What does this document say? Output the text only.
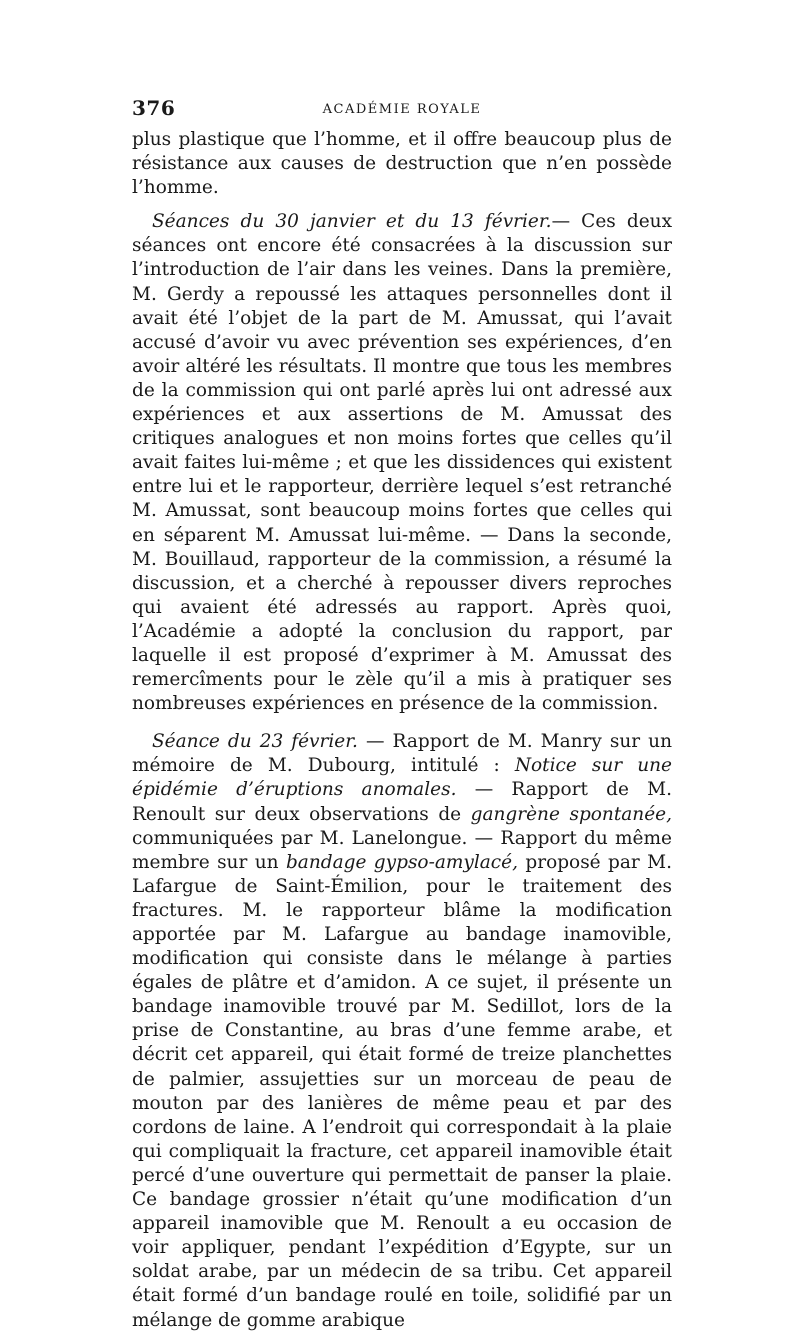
376	ACADÉMIE ROYALE

plus plastique que l’homme, et il offre beaucoup plus de résistance aux causes de destruction que n’en possède l’homme.

Séances du 30 janvier et du 13 février.— Ces deux séances ont encore été consacrées à la discussion sur l’introduction de l’air dans les veines. Dans la première, M. Gerdy a repoussé les attaques personnelles dont il avait été l’objet de la part de M. Amussat, qui l’avait accusé d’avoir vu avec prévention ses expériences, d’en avoir altéré les résultats. Il montre que tous les membres de la commission qui ont parlé après lui ont adressé aux expériences et aux assertions de M. Amussat des critiques analogues et non moins fortes que celles qu’il avait faites lui-même ; et que les dissidences qui existent entre lui et le rapporteur, derrière lequel s’est retranché M. Amussat, sont beaucoup moins fortes que celles qui en séparent M. Amussat lui-même. — Dans la seconde, M. Bouillaud, rapporteur de la commission, a résumé la discussion, et a cherché à repousser divers reproches qui avaient été adressés au rapport. Après quoi, l’Académie a adopté la conclusion du rapport, par laquelle il est proposé d’exprimer à M. Amussat des remercîments pour le zèle qu’il a mis à pratiquer ses nombreuses expériences en présence de la commission.

Séance du 23 février. — Rapport de M. Manry sur un mémoire de M. Dubourg, intitulé : Notice sur une épidémie d’éruptions anomales. — Rapport de M. Renoult sur deux observations de gangrène spontanée, communiquées par M. Lanelongue. — Rapport du même membre sur un bandage gypso-amylacé, proposé par M. Lafargue de Saint-Émilion, pour le traitement des fractures. M. le rapporteur blâme la modification apportée par M. Lafargue au bandage inamovible, modification qui consiste dans le mélange à parties égales de plâtre et d’amidon. A ce sujet, il présente un bandage inamovible trouvé par M. Sedillot, lors de la prise de Constantine, au bras d’une femme arabe, et décrit cet appareil, qui était formé de treize planchettes de palmier, assujetties sur un morceau de peau de mouton par des lanières de même peau et par des cordons de laine. A l’endroit qui correspondait à la plaie qui compliquait la fracture, cet appareil inamovible était percé d’une ouverture qui permettait de panser la plaie. Ce bandage grossier n’était qu’une modification d’un appareil inamovible que M. Renoult a eu occasion de voir appliquer, pendant l’expédition d’Egypte, sur un soldat arabe, par un médecin de sa tribu. Cet appareil était formé d’un bandage roulé en toile, solidifié par un mélange de gomme arabique
